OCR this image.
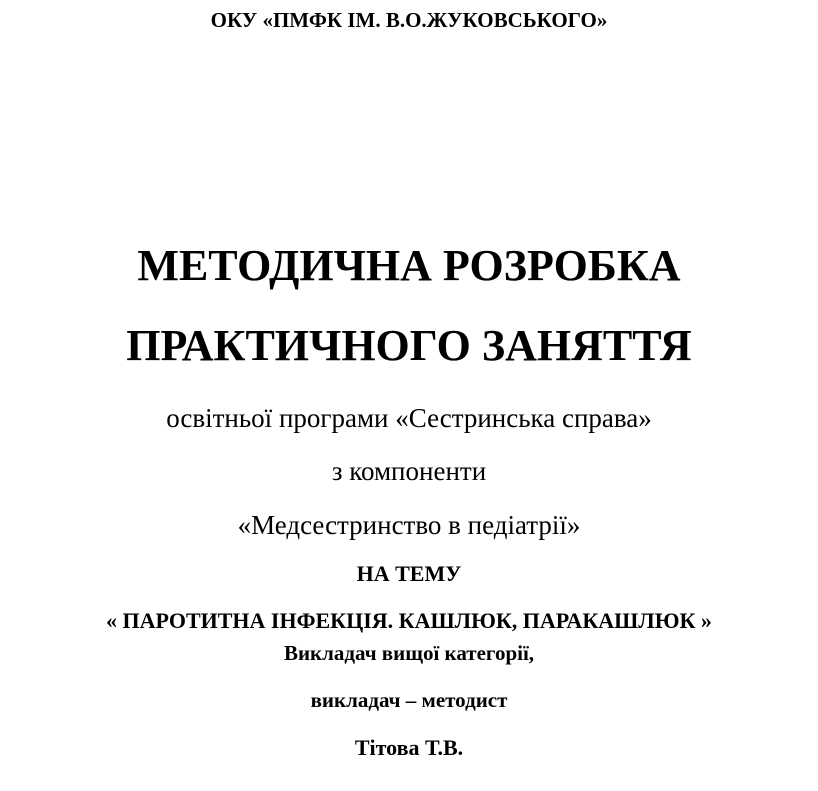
ОКУ «ПМФК ІМ. В.О.ЖУКОВСЬКОГО»
МЕТОДИЧНА РОЗРОБКА
ПРАКТИЧНОГО ЗАНЯТТЯ
освітньої програми «Сестринська справа»
з компоненти
«Медсестринство в педіатрії»
НА ТЕМУ
« ПАРОТИТНА ІНФЕКЦІЯ. КАШЛЮК, ПАРАКАШЛЮК »
Викладач вищої категорії,
викладач – методист
Тітова Т.В.
